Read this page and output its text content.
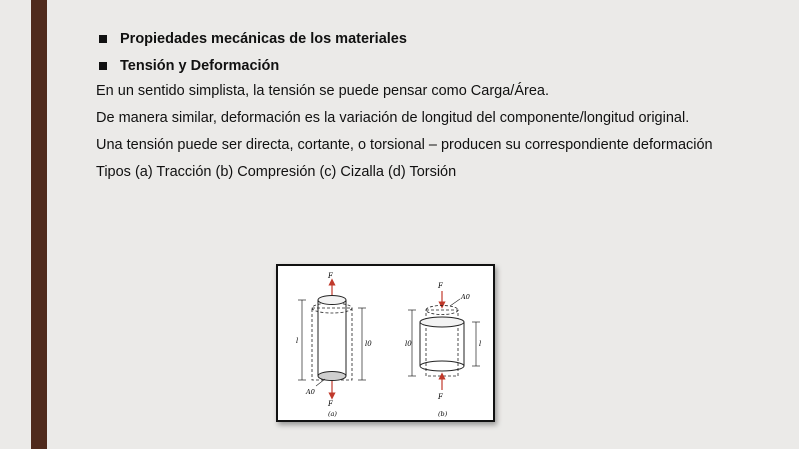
Propiedades mecánicas de los materiales
Tensión y Deformación

En un sentido simplista, la tensión se puede pensar como Carga/Área.

De manera similar, deformación es la variación de longitud del componente/longitud original.

Una tensión puede ser directa, cortante, o torsional – producen su correspondiente deformación

Tipos (a) Tracción (b) Compresión (c) Cizalla (d) Torsión

F
F
l	l0
A0
(a)
F
F
A0
l0	l
(b)
